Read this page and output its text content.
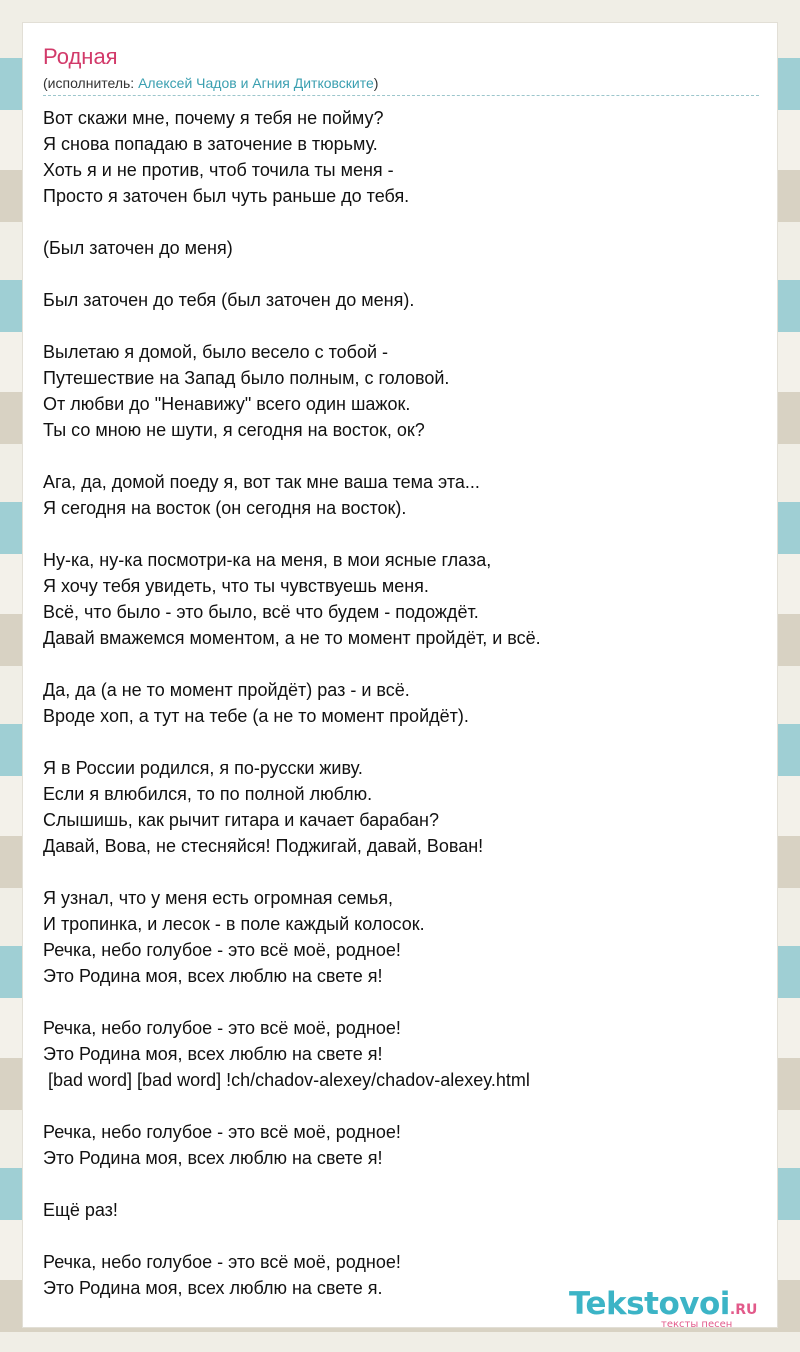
Родная
(исполнитель: Алексей Чадов и Агния Дитковските)
Вот скажи мне, почему я тебя не пойму?
Я снова попадаю в заточение в тюрьму.
Хоть я и не против, чтоб точила ты меня -
Просто я заточен был чуть раньше до тебя.
(Был заточен до меня)
Был заточен до тебя (был заточен до меня).
Вылетаю я домой, было весело с тобой -
Путешествие на Запад было полным, с головой.
От любви до "Ненавижу" всего один шажок.
Ты со мною не шути, я сегодня на восток, ок?
Ага, да, домой поеду я, вот так мне ваша тема эта...
Я сегодня на восток (он сегодня на восток).
Ну-ка, ну-ка посмотри-ка на меня, в мои ясные глаза,
Я хочу тебя увидеть, что ты чувствуешь меня.
Всё, что было - это было, всё что будем - подождёт.
Давай вмажемся моментом, а не то момент пройдёт, и всё.
Да, да (а не то момент пройдёт) раз - и всё.
Вроде хоп, а тут на тебе (а не то момент пройдёт).
Я в России родился, я по-русски живу.
Если я влюбился, то по полной люблю.
Слышишь, как рычит гитара и качает барабан?
Давай, Вова, не стесняйся! Поджигай, давай, Вован!
Я узнал, что у меня есть огромная семья,
И тропинка, и лесок - в поле каждый колосок.
Речка, небо голубое - это всё моё, родное!
Это Родина моя, всех люблю на свете я!
Речка, небо голубое - это всё моё, родное!
Это Родина моя, всех люблю на свете я!
[bad word] [bad word] !ch/chadov-alexey/chadov-alexey.html
Речка, небо голубое - это всё моё, родное!
Это Родина моя, всех люблю на свете я!
Ещё раз!
Речка, небо голубое - это всё моё, родное!
Это Родина моя, всех люблю на свете я.	Tekstovoi.RU
тексты песен
